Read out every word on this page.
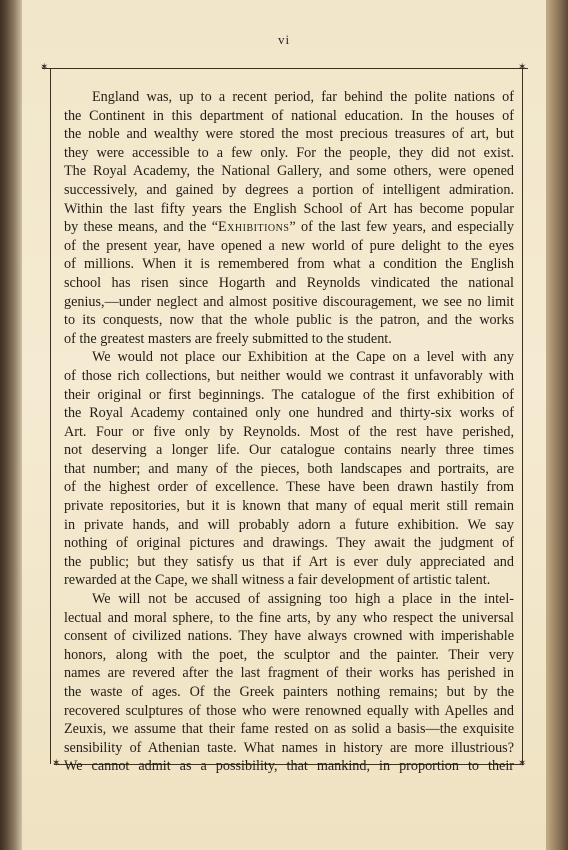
vi
✶	✶
✶	✶
England was, up to a recent period, far behind the polite nations of
the Continent in this department of national education. In the houses of
the noble and wealthy were stored the most precious treasures of art, but
they were accessible to a few only. For the people, they did not exist.
The Royal Academy, the National Gallery, and some others, were opened
successively, and gained by degrees a portion of intelligent admiration.
Within the last fifty years the English School of Art has become popular
by these means, and the “Exhibitions” of the last few years, and especially
of the present year, have opened a new world of pure delight to the eyes
of millions. When it is remembered from what a condition the English
school has risen since Hogarth and Reynolds vindicated the national
genius,—under neglect and almost positive discouragement, we see no limit
to its conquests, now that the whole public is the patron, and the works
of the greatest masters are freely submitted to the student.
We would not place our Exhibition at the Cape on a level with any
of those rich collections, but neither would we contrast it unfavorably with
their original or first beginnings. The catalogue of the first exhibition of
the Royal Academy contained only one hundred and thirty-six works of
Art. Four or five only by Reynolds. Most of the rest have perished,
not deserving a longer life. Our catalogue contains nearly three times
that number; and many of the pieces, both landscapes and portraits, are
of the highest order of excellence. These have been drawn hastily from
private repositories, but it is known that many of equal merit still remain
in private hands, and will probably adorn a future exhibition. We say
nothing of original pictures and drawings. They await the judgment of
the public; but they satisfy us that if Art is ever duly appreciated and
rewarded at the Cape, we shall witness a fair development of artistic talent.
We will not be accused of assigning too high a place in the intel-
lectual and moral sphere, to the fine arts, by any who respect the universal
consent of civilized nations. They have always crowned with imperishable
honors, along with the poet, the sculptor and the painter. Their very
names are revered after the last fragment of their works has perished in
the waste of ages. Of the Greek painters nothing remains; but by the
recovered sculptures of those who were renowned equally with Apelles and
Zeuxis, we assume that their fame rested on as solid a basis—the exquisite
sensibility of Athenian taste. What names in history are more illustrious?
We cannot admit as a possibility, that mankind, in proportion to their
